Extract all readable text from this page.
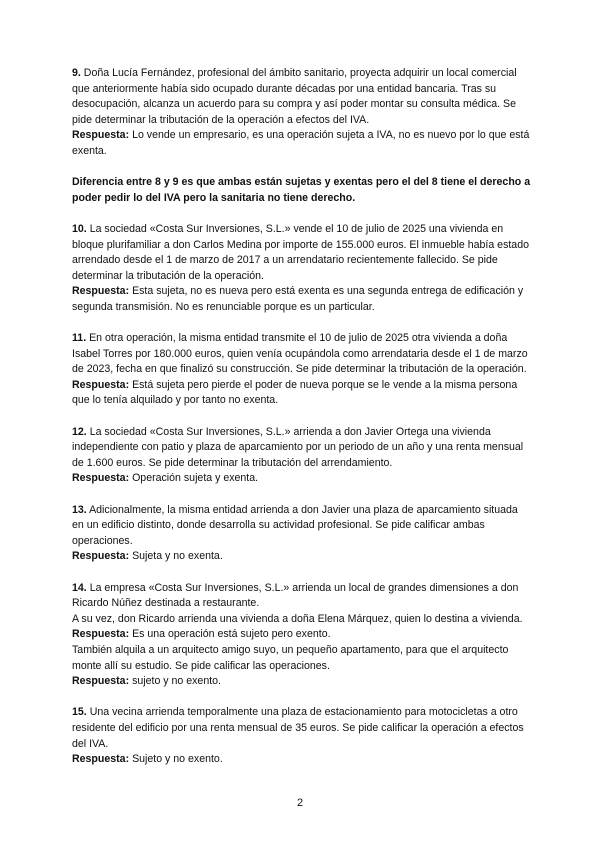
9. Doña Lucía Fernández, profesional del ámbito sanitario, proyecta adquirir un local comercial que anteriormente había sido ocupado durante décadas por una entidad bancaria. Tras su desocupación, alcanza un acuerdo para su compra y así poder montar su consulta médica. Se pide determinar la tributación de la operación a efectos del IVA.

Respuesta: Lo vende un empresario, es una operación sujeta a IVA, no es nuevo por lo que está exenta.

Diferencia entre 8 y 9 es que ambas están sujetas y exentas pero el del 8 tiene el derecho a poder pedir lo del IVA pero la sanitaria no tiene derecho.

10. La sociedad «Costa Sur Inversiones, S.L.» vende el 10 de julio de 2025 una vivienda en bloque plurifamiliar a don Carlos Medina por importe de 155.000 euros. El inmueble había estado arrendado desde el 1 de marzo de 2017 a un arrendatario recientemente fallecido. Se pide determinar la tributación de la operación.

Respuesta: Esta sujeta, no es nueva pero está exenta es una segunda entrega de edificación y segunda transmisión. No es renunciable porque es un particular.

11. En otra operación, la misma entidad transmite el 10 de julio de 2025 otra vivienda a doña Isabel Torres por 180.000 euros, quien venía ocupándola como arrendataria desde el 1 de marzo de 2023, fecha en que finalizó su construcción. Se pide determinar la tributación de la operación.

Respuesta: Está sujeta pero pierde el poder de nueva porque se le vende a la misma persona que lo tenía alquilado y por tanto no exenta.

12. La sociedad «Costa Sur Inversiones, S.L.» arrienda a don Javier Ortega una vivienda independiente con patio y plaza de aparcamiento por un periodo de un año y una renta mensual de 1.600 euros. Se pide determinar la tributación del arrendamiento.

Respuesta: Operación sujeta y exenta.

13. Adicionalmente, la misma entidad arrienda a don Javier una plaza de aparcamiento situada en un edificio distinto, donde desarrolla su actividad profesional. Se pide calificar ambas operaciones.

Respuesta: Sujeta y no exenta.

14. La empresa «Costa Sur Inversiones, S.L.» arrienda un local de grandes dimensiones a don Ricardo Núñez destinada a restaurante.

A su vez, don Ricardo arrienda una vivienda a doña Elena Márquez, quien lo destina a vivienda.

Respuesta: Es una operación está sujeto pero exento.

También alquila a un arquitecto amigo suyo, un pequeño apartamento, para que el arquitecto monte allí su estudio. Se pide calificar las operaciones.

Respuesta: sujeto y no exento.

15. Una vecina arrienda temporalmente una plaza de estacionamiento para motocicletas a otro residente del edificio por una renta mensual de 35 euros. Se pide calificar la operación a efectos del IVA.

Respuesta: Sujeto y no exento.

2
